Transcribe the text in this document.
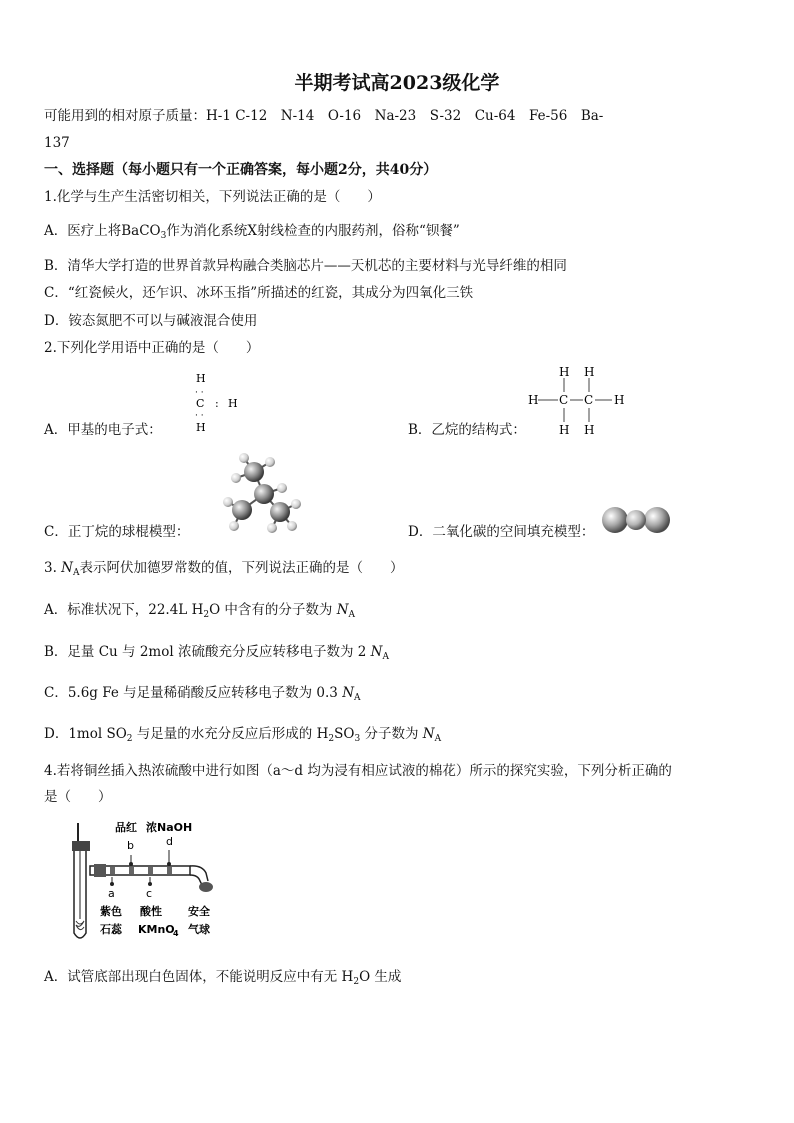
半期考试高2023级化学
可能用到的相对原子质量：H-1 C-12　N-14　O-16　Na-23　S-32　Cu-64　Fe-56　Ba-
137
一、选择题（每小题只有一个正确答案，每小题2分，共40分）
1.化学与生产生活密切相关，下列说法正确的是（　　）
A．医疗上将BaCO$_3$作为消化系统X射线检查的内服药剂，俗称“钡餐”
B．清华大学打造的世界首款异构融合类脑芯片——天机芯的主要材料与光导纤维的相同
C．“红瓷候火，还乍识、冰环玉指”所描述的红瓷，其成分为四氧化三铁
D．铵态氮肥不可以与碱液混合使用
2.下列化学用语中正确的是（　　）
H
· ·
C : H
· ·
H
A．甲基的电子式：
H H
H C C H
H H
B．乙烷的结构式：
C．正丁烷的球棍模型：	D．二氧化碳的空间填充模型：
3. $N_A$表示阿伏加德罗常数的值，下列说法正确的是（　　）
A．标准状况下，22.4L $H_2O$ 中含有的分子数为 $N_A$
B．足量 Cu 与 2mol 浓硫酸充分反应转移电子数为 2 $N_A$
C．5.6g Fe 与足量稀硝酸反应转移电子数为 0.3 $N_A$
D．1mol $SO_2$ 与足量的水充分反应后形成的 $H_2SO_3$ 分子数为 $N_A$
4.若将铜丝插入热浓硫酸中进行如图（a～d 均为浸有相应试液的棉花）所示的探究实验，下列分析正确的
是（　　）
品红 浓NaOH
b	d
a	c
紫色
石蕊
酸性
KMnO
4
安全
气球
A．试管底部出现白色固体，不能说明反应中有无 $H_2O$ 生成
